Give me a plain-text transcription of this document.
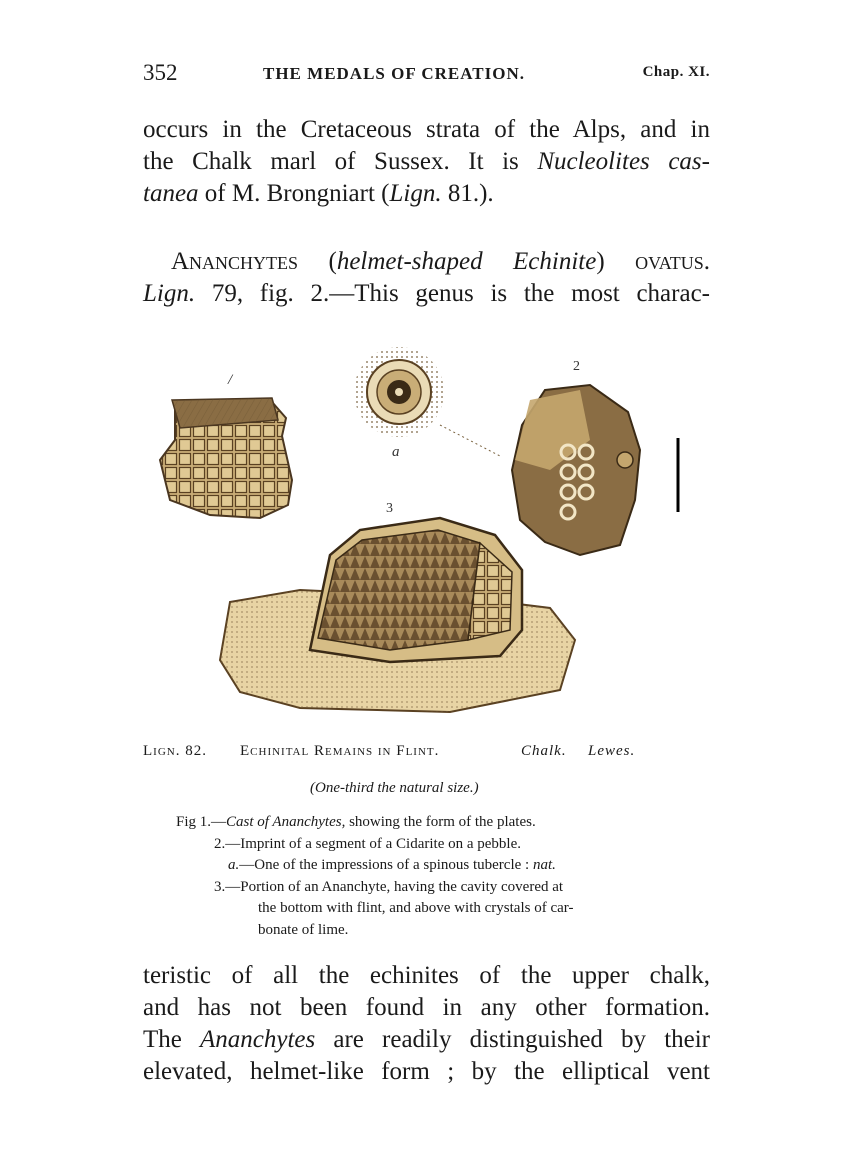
352	THE MEDALS OF CREATION.	Chap. XI.

occurs in the Cretaceous strata of the Alps, and in
the Chalk marl of Sussex. It is Nucleolites cas-
tanea of M. Brongniart (Lign. 81.).

Ananchytes (helmet-shaped Echinite) ovatus.
Lign. 79, fig. 2.—This genus is the most charac-

/
a
2
3
Lign. 82. Echinital Remains in Flint.	Chalk. Lewes.
(One-third the natural size.)
Fig 1.—Cast of Ananchytes, showing the form of the plates.
2.—Imprint of a segment of a Cidarite on a pebble.
a.—One of the impressions of a spinous tubercle : nat.
3.—Portion of an Ananchyte, having the cavity covered at
the bottom with flint, and above with crystals of car-
bonate of lime.

teristic of all the echinites of the upper chalk,
and has not been found in any other formation.
The Ananchytes are readily distinguished by their
elevated, helmet-like form ; by the elliptical vent
